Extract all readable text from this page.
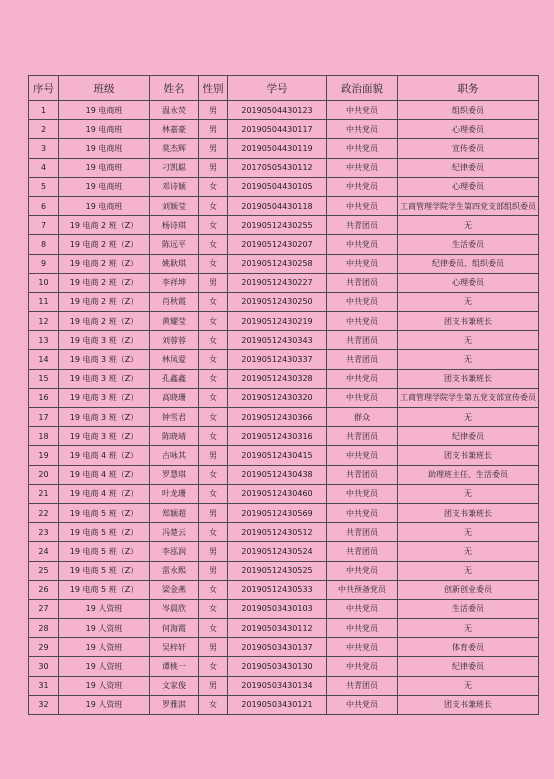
序号	班级	姓名	性别	学号	政治面貌	职务
1	19 电商班	温永荧	男	20190504430123	中共党员	组织委员
2	19 电商班	林嘉豪	男	20190504430117	中共党员	心理委员
3	19 电商班	莫杰辉	男	20190504430119	中共党员	宣传委员
4	19 电商班	刁凯聪	男	20170505430112	中共党员	纪律委员
5	19 电商班	邓诗颖	女	20190504430105	中共党员	心理委员
6	19 电商班	刘颖莹	女	20190504430118	中共党员	工商管理学院学生第四党支部组织委员
7	19 电商 2 班（Z）	杨诗琪	女	20190512430255	共青团员	无
8	19 电商 2 班（Z）	陈远平	女	20190512430207	中共党员	生活委员
9	19 电商 2 班（Z）	姚耿琪	女	20190512430258	中共党员	纪律委员、组织委员
10	19 电商 2 班（Z）	李祥坤	男	20190512430227	共青团员	心理委员
11	19 电商 2 班（Z）	肖秋霞	女	20190512430250	中共党员	无
12	19 电商 2 班（Z）	黄耀莹	女	20190512430219	中共党员	团支书兼班长
13	19 电商 3 班（Z）	刘蓉蓉	女	20190512430343	共青团员	无
14	19 电商 3 班（Z）	林凤爱	女	20190512430337	共青团员	无
15	19 电商 3 班（Z）	孔鑫鑫	女	20190512430328	中共党员	团支书兼班长
16	19 电商 3 班（Z）	高晓珊	女	20190512430320	中共党员	工商管理学院学生第五党支部宣传委员
17	19 电商 3 班（Z）	钟雪君	女	20190512430366	群众	无
18	19 电商 3 班（Z）	陈晓靖	女	20190512430316	共青团员	纪律委员
19	19 电商 4 班（Z）	古咏其	男	20190512430415	中共党员	团支书兼班长
20	19 电商 4 班（Z）	罗慧琪	女	20190512430438	共青团员	助理班主任、生活委员
21	19 电商 4 班（Z）	叶龙珊	女	20190512430460	中共党员	无
22	19 电商 5 班（Z）	郑颖超	男	20190512430569	中共党员	团支书兼班长
23	19 电商 5 班（Z）	冯楚云	女	20190512430512	共青团员	无
24	19 电商 5 班（Z）	李泓润	男	20190512430524	共青团员	无
25	19 电商 5 班（Z）	雷永熙	男	20190512430525	中共党员	无
26	19 电商 5 班（Z）	梁金燕	女	20190512430533	中共预备党员	创新创业委员
27	19 人资班	岑晨欣	女	20190503430103	中共党员	生活委员
28	19 人资班	何海霞	女	20190503430112	中共党员	无
29	19 人资班	吴梓轩	男	20190503430137	中共党员	体育委员
30	19 人资班	谭桃一	女	20190503430130	中共党员	纪律委员
31	19 人资班	文家俊	男	20190503430134	共青团员	无
32	19 人资班	罗雅淇	女	20190503430121	中共党员	团支书兼班长
